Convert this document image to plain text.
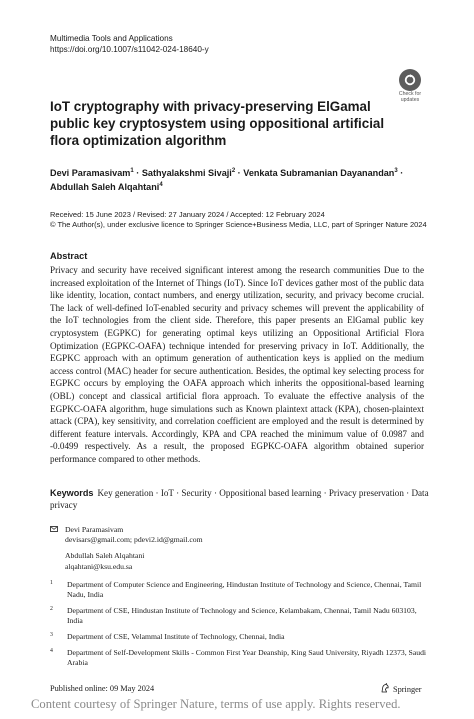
Multimedia Tools and Applications
https://doi.org/10.1007/s11042-024-18640-y
Check for
updates
IoT cryptography with privacy-preserving ElGamal public key cryptosystem using oppositional artificial flora optimization algorithm
Devi Paramasivam$^1$ · Sathyalakshmi Sivaji$^2$ · Venkata Subramanian Dayanandan$^3$ ·
Abdullah Saleh Alqahtani$^4$
Received: 15 June 2023 / Revised: 27 January 2024 / Accepted: 12 February 2024
© The Author(s), under exclusive licence to Springer Science+Business Media, LLC, part of Springer Nature 2024
Abstract

Privacy and security have received significant interest among the research communities Due to the increased exploitation of the Internet of Things (IoT). Since IoT devices gather most of the public data like identity, location, contact numbers, and energy utilization, security, and privacy become crucial. The lack of well-defined IoT-enabled security and privacy schemes will prevent the applicability of the IoT technologies from the client side. Therefore, this paper presents an ElGamal public key cryptosystem (EGPKC) for generating optimal keys utilizing an Oppositional Artificial Flora Optimization (EGPKC-OAFA) technique intended for preserving privacy in IoT. Additionally, the EGPKC approach with an optimum generation of authentication keys is applied on the medium access control (MAC) header for secure authentication. Besides, the optimal key selecting process for EGPKC occurs by employing the OAFA approach which inherits the oppositional-based learning (OBL) concept and classical artificial flora approach. To evaluate the effective analysis of the EGPKC-OAFA algorithm, huge simulations such as Known plaintext attack (KPA), chosen-plaintext attack (CPA), key sensitivity, and correlation coefficient are employed and the result is determined by different feature intervals. Accordingly, KPA and CPA reached the minimum value of 0.0987 and -0.0499 respectively. As a result, the proposed EGPKC-OAFA algorithm obtained superior performance compared to other methods.

Keywords Key generation · IoT · Security · Oppositional based learning · Privacy preservation · Data privacy
Devi Paramasivam
devisars@gmail.com; pdevi2.id@gmail.com
Abdullah Saleh Alqahtani
alqahtani@ksu.edu.sa
1 Department of Computer Science and Engineering, Hindustan Institute of Technology and Science, Chennai, Tamil Nadu, India
2 Department of CSE, Hindustan Institute of Technology and Science, Kelambakam, Chennai, Tamil Nadu 603103, India
3 Department of CSE, Velammal Institute of Technology, Chennai, India
4 Department of Self-Development Skills - Common First Year Deanship, King Saud University, Riyadh 12373, Saudi Arabia
Published online: 09 May 2024	Springer
Content courtesy of Springer Nature, terms of use apply. Rights reserved.
